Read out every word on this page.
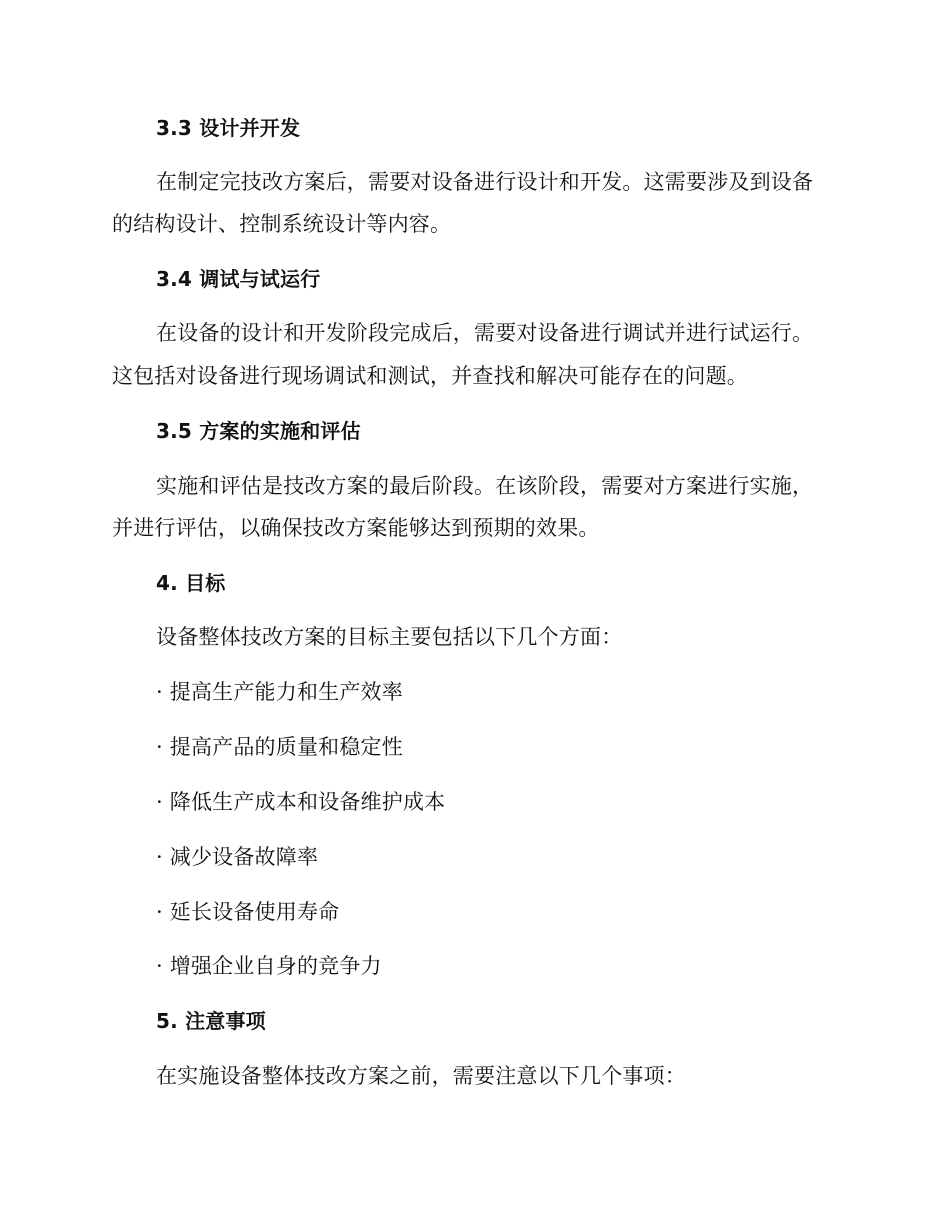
3.3 设计并开发
在制定完技改方案后，需要对设备进行设计和开发。这需要涉及到设备
的结构设计、控制系统设计等内容。
3.4 调试与试运行
在设备的设计和开发阶段完成后，需要对设备进行调试并进行试运行。
这包括对设备进行现场调试和测试，并查找和解决可能存在的问题。
3.5 方案的实施和评估
实施和评估是技改方案的最后阶段。在该阶段，需要对方案进行实施，
并进行评估，以确保技改方案能够达到预期的效果。
4. 目标
设备整体技改方案的目标主要包括以下几个方面：
· 提高生产能力和生产效率
· 提高产品的质量和稳定性
· 降低生产成本和设备维护成本
· 减少设备故障率
· 延长设备使用寿命
· 增强企业自身的竞争力
5. 注意事项
在实施设备整体技改方案之前，需要注意以下几个事项：
